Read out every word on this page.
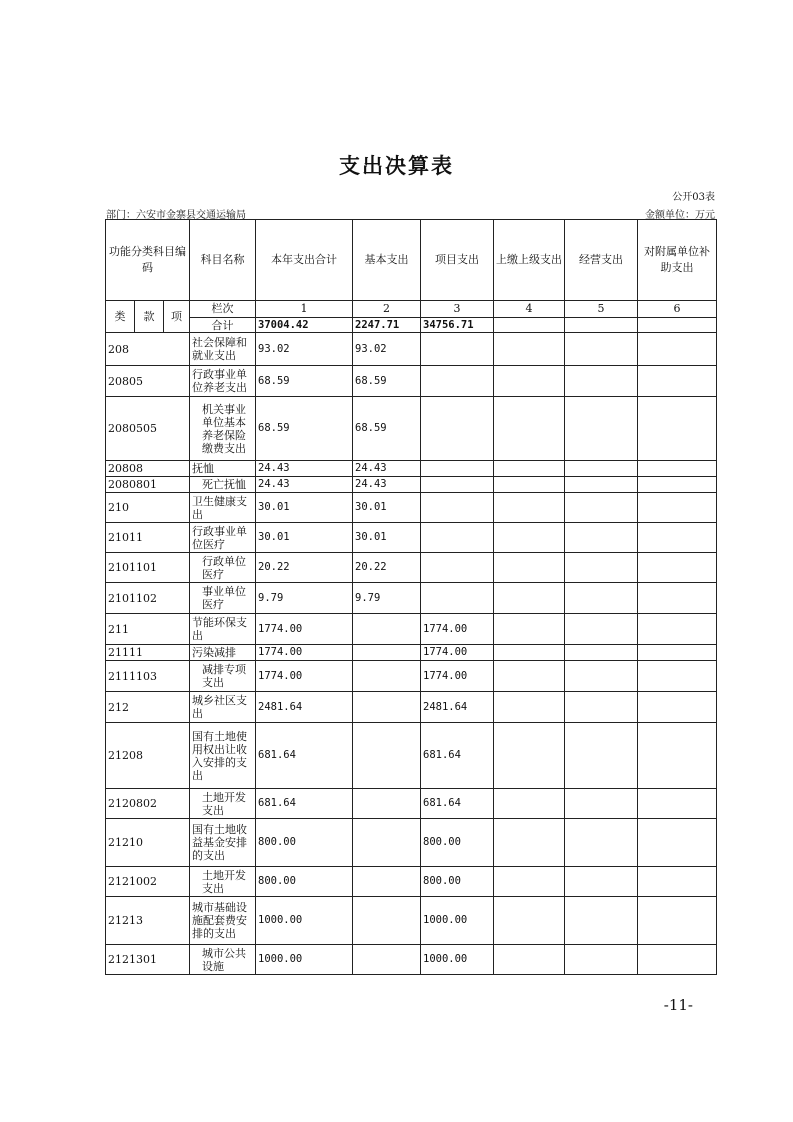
支出决算表
公开03表
部门：六安市金寨县交通运输局	金额单位：万元
功能分类科目编码			科目名称	本年支出合计	基本支出	项目支出	上缴上级支出	经营支出	对附属单位补助支出
类	款	项	栏次	1	2	3	4	5	6
			合计	37004.42	2247.71	34756.71			
208			社会保障和就业支出	93.02	93.02				
20805			行政事业单位养老支出	68.59	68.59				
2080505			机关事业单位基本养老保险缴费支出	68.59	68.59				
20808			抚恤	24.43	24.43				
2080801			死亡抚恤	24.43	24.43				
210			卫生健康支出	30.01	30.01				
21011			行政事业单位医疗	30.01	30.01				
2101101			行政单位医疗	20.22	20.22				
2101102			事业单位医疗	9.79	9.79				
211			节能环保支出	1774.00		1774.00			
21111			污染减排	1774.00		1774.00			
2111103			减排专项支出	1774.00		1774.00			
212			城乡社区支出	2481.64		2481.64			
21208			国有土地使用权出让收入安排的支出	681.64		681.64			
2120802			土地开发支出	681.64		681.64			
21210			国有土地收益基金安排的支出	800.00		800.00			
2121002			土地开发支出	800.00		800.00			
21213			城市基础设施配套费安排的支出	1000.00		1000.00			
2121301			城市公共设施	1000.00		1000.00			
-11-
